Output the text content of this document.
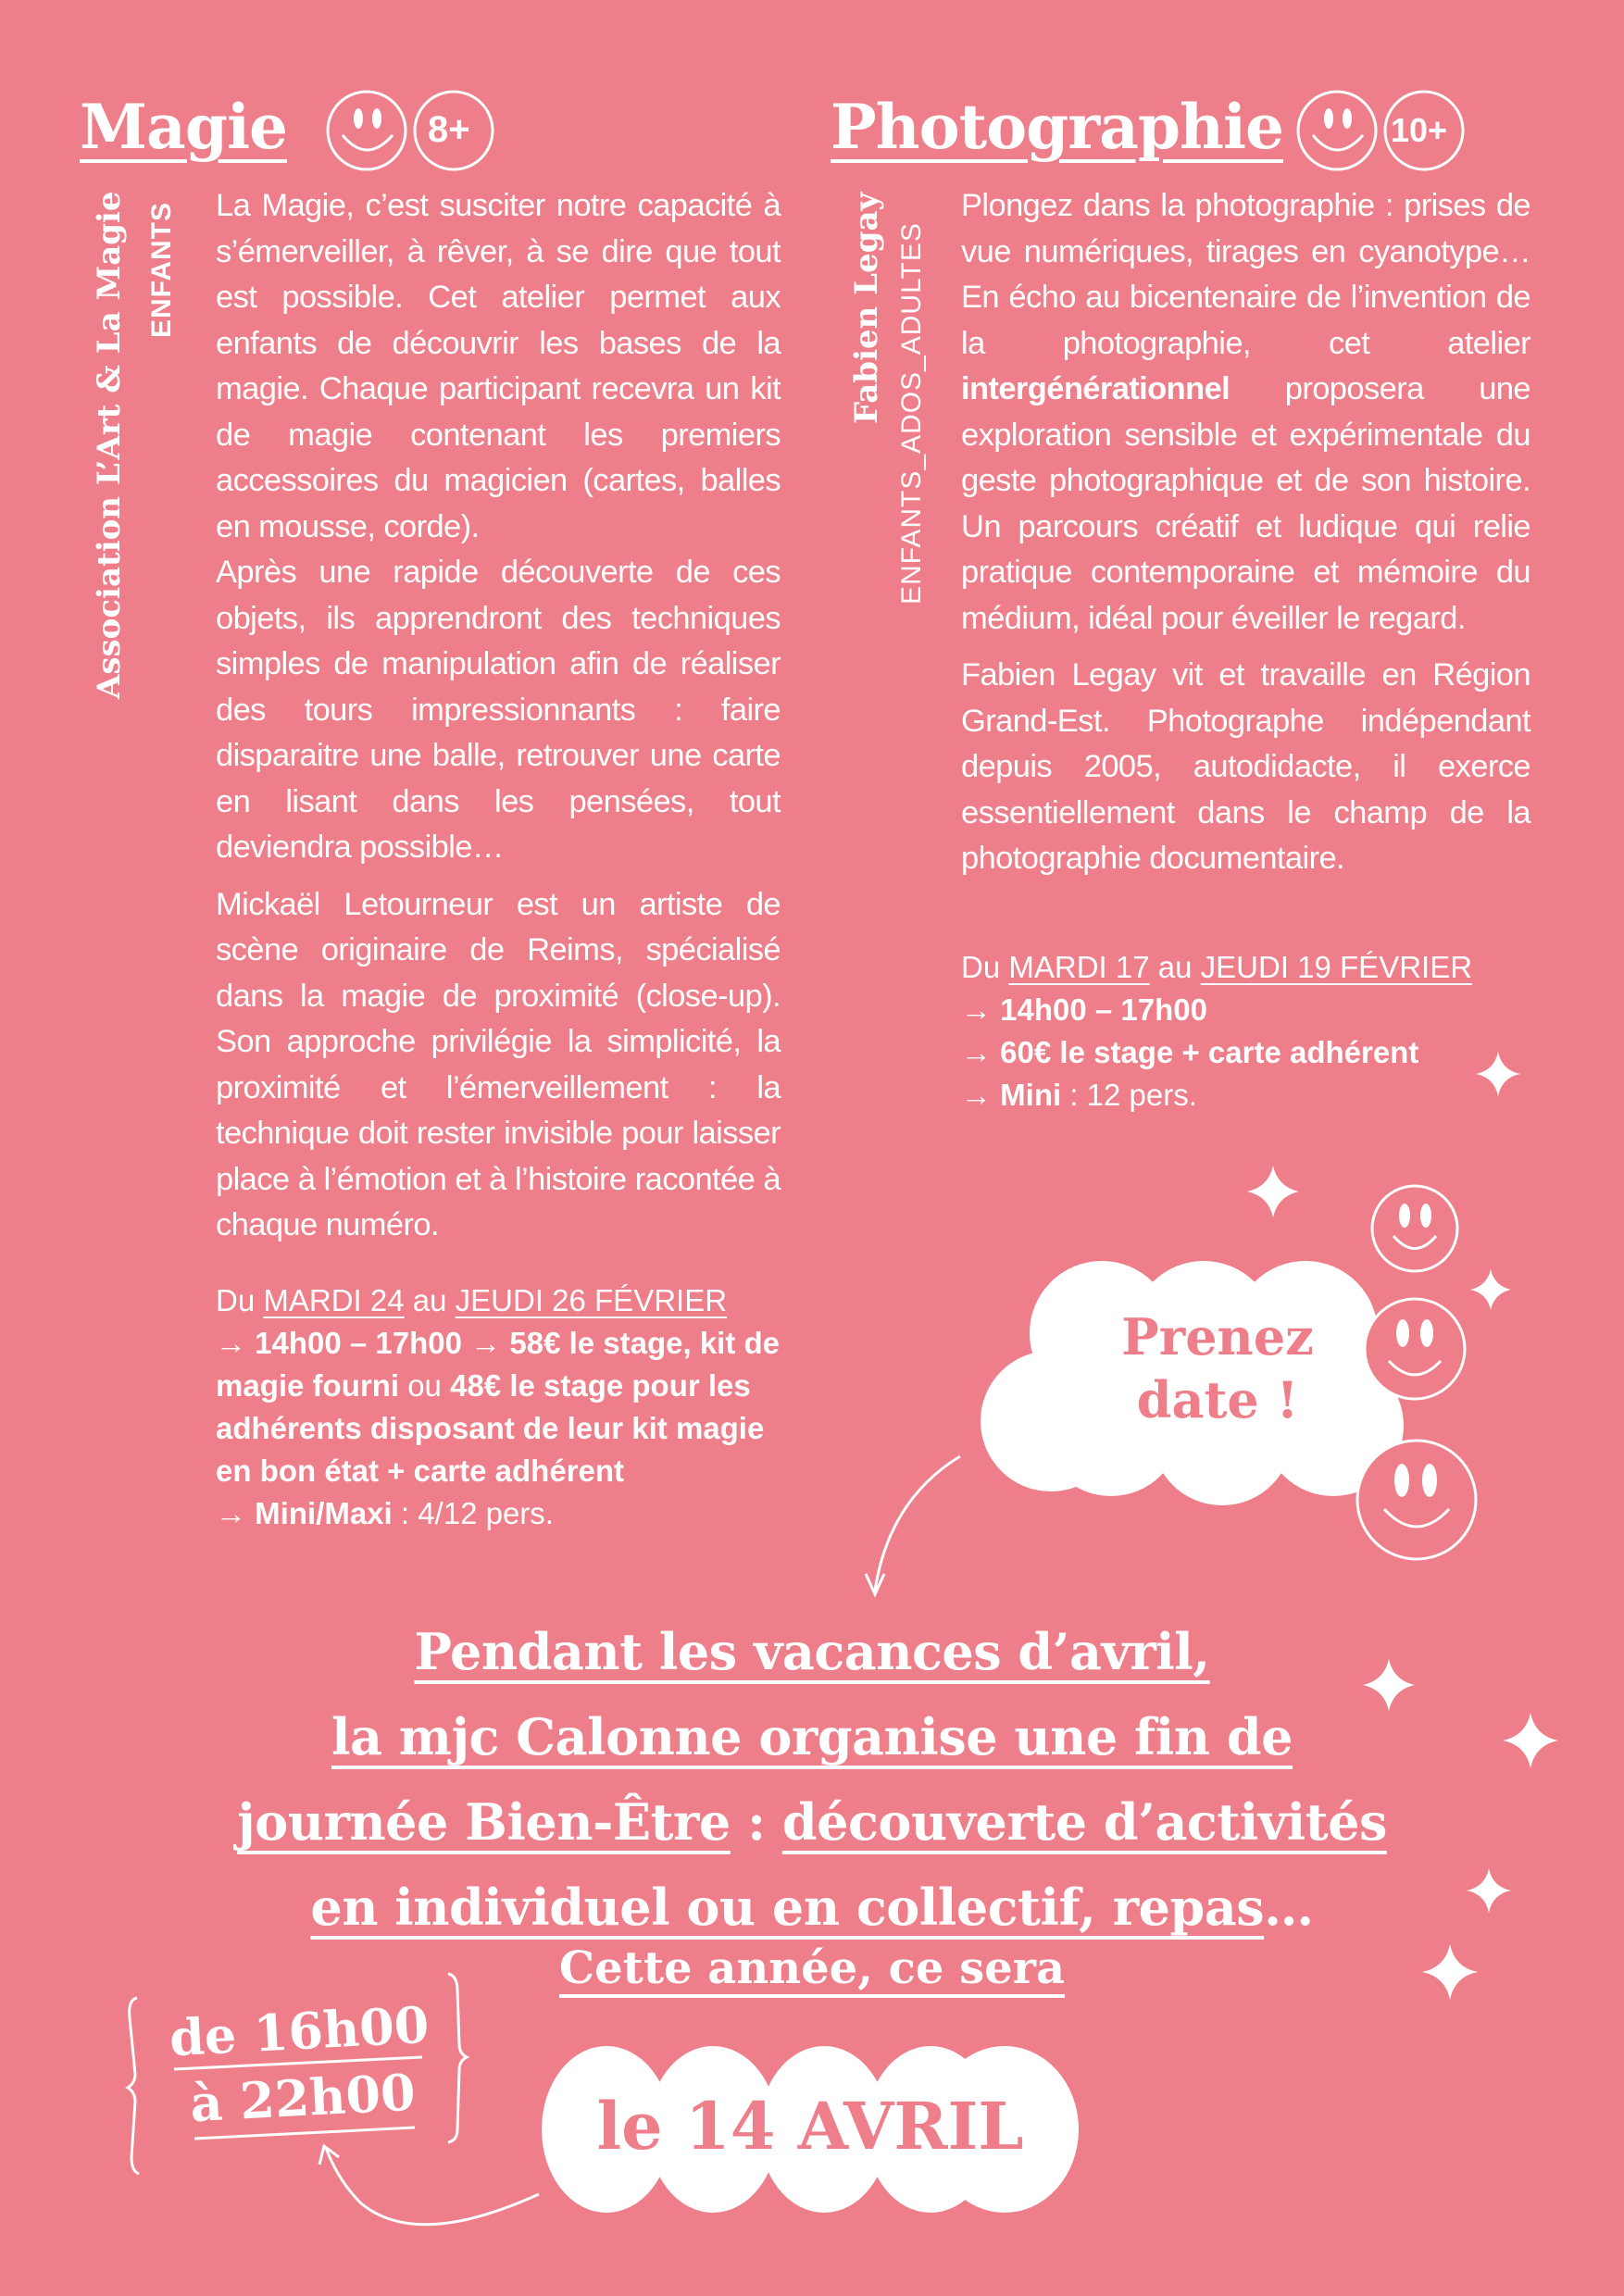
Magie	8+
Association L’Art & La Magie ENFANTS La Magie, c’est susciter notre capacité à s’émerveiller, à rêver, à se dire que tout est possible. Cet atelier permet aux enfants de découvrir les bases de la magie. Chaque participant recevra un kit de magie contenant les premiers accessoires du magicien (cartes, balles en mousse, corde).

Après une rapide découverte de ces objets, ils apprendront des techniques simples de manipulation afin de réaliser des tours impressionnants : faire disparaitre une balle, retrouver une carte en lisant dans les pensées, tout deviendra possible…

Mickaël Letourneur est un artiste de scène originaire de Reims, spécialisé dans la magie de proximité (close-up). Son approche privilégie la simplicité, la proximité et l’émerveillement : la technique doit rester invisible pour laisser place à l’émotion et à l’histoire racontée à chaque numéro.

Du MARDI 24 au JEUDI 26 FÉVRIER
→ 14h00 – 17h00 → 58€ le stage, kit de magie fourni ou 48€ le stage pour les adhérents disposant de leur kit magie en bon état + carte adhérent
→ Mini/Maxi : 4/12 pers.
Photographie	10+
Fabien Legay ENFANTS_ADOS_ADULTES

Plongez dans la photographie : prises de vue numériques, tirages en cyanotype… En écho au bicentenaire de l’invention de la photographie, cet atelier intergénérationnel proposera une exploration sensible et expérimentale du geste photographique et de son histoire. Un parcours créatif et ludique qui relie pratique contemporaine et mémoire du médium, idéal pour éveiller le regard.

Fabien Legay vit et travaille en Région Grand-Est. Photographe indépendant depuis 2005, autodidacte, il exerce essentiellement dans le champ de la photographie documentaire.

Du MARDI 17 au JEUDI 19 FÉVRIER
→ 14h00 – 17h00
→ 60€ le stage + carte adhérent
→ Mini : 12 pers.
Prenez
date !
Pendant les vacances d’avril,
la mjc Calonne organise une fin de
journée Bien-Être : découverte d’activités
en individuel ou en collectif, repas…
Cette année, ce sera
de 16h00
à 22h00	le 14 AVRIL
